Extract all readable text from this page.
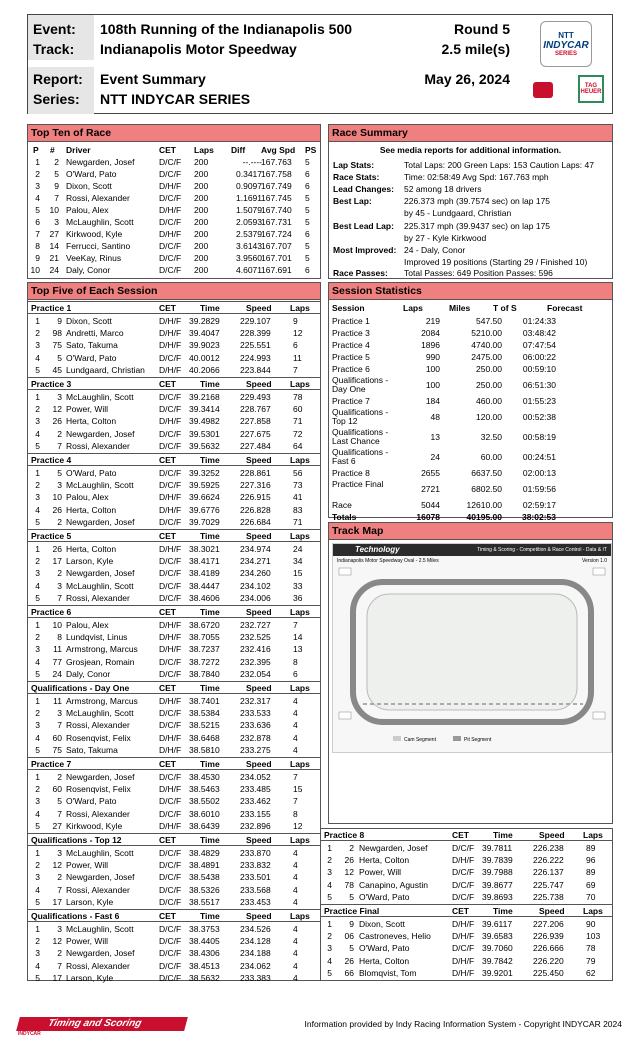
Event:
Track:
Report:
Series:
108th Running of the Indianapolis 500
Indianapolis Motor Speedway
Event Summary
NTT INDYCAR SERIES
Round 5
2.5 mile(s)
May 26, 2024
NTT
INDYCAR
SERIES
TAG HEUER
Top Ten of Race
P # Driver	CET Laps Diff Avg Spd PS
1 2 Newgarden, Josef	D/C/F 200	--.---- 167.763 5
2 5 O'Ward, Pato	D/C/F 200	0.3417 167.758 6
3 9 Dixon, Scott	D/H/F 200	0.9097 167.749 6
4 7 Rossi, Alexander	D/C/F 200	1.1691 167.745 5
5 10 Palou, Alex	D/H/F 200	1.5079 167.740 5
6 3 McLaughlin, Scott	D/C/F 200	2.0593 167.731 5
7 27 Kirkwood, Kyle	D/H/F 200	2.5379 167.724 6
8 14 Ferrucci, Santino	D/C/F 200	3.6143 167.707 5
9 21 VeeKay, Rinus	D/C/F 200	3.9560 167.701 5
10 24 Daly, Conor	D/C/F 200	4.6071 167.691 6
Race Summary
See media reports for additional information.
Lap Stats:	Total Laps: 200 Green Laps: 153 Caution Laps: 47
Race Stats:	Time: 02:58:49 Avg Spd: 167.763 mph
Lead Changes: 52 among 18 drivers
Best Lap:	226.373 mph (39.7574 sec) on lap 175
by 45 - Lundgaard, Christian
Best Lead Lap: 225.317 mph (39.9437 sec) on lap 175
by 27 - Kyle Kirkwood
Most Improved: 24 - Daly, Conor
Improved 19 positions (Starting 29 / Finished 10)
Race Passes: Total Passes: 649 Position Passes: 596
Top Five of Each Session
Practice 1	CET	Time	Speed Laps
1 9 Dixon, Scott	D/H/F 39.2829 229.107	9
2 98 Andretti, Marco	D/H/F 39.4047 228.399	12
3 75 Sato, Takuma	D/H/F 39.9023 225.551	6
4 5 O'Ward, Pato	D/C/F 40.0012 224.993	11
5 45 Lundgaard, Christian D/H/F 40.2066 223.844	7
Practice 3	CET	Time	Speed Laps
1 3 McLaughlin, Scott	D/C/F 39.2168 229.493	78
2 12 Power, Will	D/C/F 39.3414 228.767	60
3 26 Herta, Colton	D/H/F 39.4982 227.858	71
4 2 Newgarden, Josef	D/C/F 39.5301 227.675	72
5 7 Rossi, Alexander	D/C/F 39.5632 227.484	64
Practice 4	CET	Time	Speed Laps
1 5 O'Ward, Pato	D/C/F 39.3252 228.861	56
2 3 McLaughlin, Scott	D/C/F 39.5925 227.316	73
3 10 Palou, Alex	D/H/F 39.6624 226.915	41
4 26 Herta, Colton	D/H/F 39.6776 226.828	83
5 2 Newgarden, Josef	D/C/F 39.7029 226.684	71
Practice 5	CET	Time	Speed Laps
1 26 Herta, Colton	D/H/F 38.3021 234.974	24
2 17 Larson, Kyle	D/C/F 38.4171 234.271	34
3 2 Newgarden, Josef	D/C/F 38.4189 234.260	15
4 3 McLaughlin, Scott	D/C/F 38.4447 234.102	33
5 7 Rossi, Alexander	D/C/F 38.4606 234.006	36
Practice 6	CET	Time	Speed Laps
1 10 Palou, Alex	D/H/F 38.6720 232.727	7
2 8 Lundqvist, Linus	D/H/F 38.7055 232.525	14
3 11 Armstrong, Marcus D/H/F 38.7237 232.416	13
4 77 Grosjean, Romain	D/C/F 38.7272 232.395	8
5 24 Daly, Conor	D/C/F 38.7840 232.054	6
Qualifications - Day One	CET	Time	Speed Laps
1 11 Armstrong, Marcus D/H/F 38.7401 232.317	4
2 3 McLaughlin, Scott	D/C/F 38.5384 233.533	4
3 7 Rossi, Alexander	D/C/F 38.5215 233.636	4
4 60 Rosenqvist, Felix	D/H/F 38.6468 232.878	4
5 75 Sato, Takuma	D/H/F 38.5810 233.275	4
Practice 7	CET	Time	Speed Laps
1 2 Newgarden, Josef	D/C/F 38.4530 234.052	7
2 60 Rosenqvist, Felix	D/H/F 38.5463 233.485	15
3 5 O'Ward, Pato	D/C/F 38.5502 233.462	7
4 7 Rossi, Alexander	D/C/F 38.6010 233.155	8
5 27 Kirkwood, Kyle	D/H/F 38.6439 232.896	12
Qualifications - Top 12	CET	Time	Speed Laps
1 3 McLaughlin, Scott	D/C/F 38.4829 233.870	4
2 12 Power, Will	D/C/F 38.4891 233.832	4
3 2 Newgarden, Josef	D/C/F 38.5438 233.501	4
4 7 Rossi, Alexander	D/C/F 38.5326 233.568	4
5 17 Larson, Kyle	D/C/F 38.5517 233.453	4
Qualifications - Fast 6	CET	Time	Speed Laps
1 3 McLaughlin, Scott	D/C/F 38.3753 234.526	4
2 12 Power, Will	D/C/F 38.4405 234.128	4
3 2 Newgarden, Josef	D/C/F 38.4306 234.188	4
4 7 Rossi, Alexander	D/C/F 38.4513 234.062	4
5 17 Larson, Kyle	D/C/F 38.5632 233.383	4
Session Statistics
Session	Laps	Miles	T of S	Forecast
Practice 1	219	547.50 01:24:33
Practice 3	2084	5210.00 03:48:42
Practice 4	1896	4740.00 07:47:54
Practice 5	990	2475.00 06:00:22
Practice 6	100	250.00 00:59:10
Qualifications - Day One	100	250.00 06:51:30
Practice 7	184	460.00 01:55:23
Qualifications - Top 12	48	120.00 00:52:38
Qualifications - Last Chance	13	32.50 00:58:19
Qualifications - Fast 6	24	60.00 00:24:51
Practice 8	2655	6637.50 02:00:13
Practice Final	2721	6802.50 01:59:56
Race	5044	12610.00 02:59:17
Totals	16078	40195.00 38:02:53
Track Map
Technology	Timing & Scoring - Competition & Race Control - Data & IT
Indianapolis Motor Speedway Oval - 2.5 Miles	Version 1.0
Cam Segment	Pit Segment
Practice 8	CET	Time	Speed Laps
1 2 Newgarden, Josef	D/C/F 39.7811 226.238	89
2 26 Herta, Colton	D/H/F 39.7839 226.222	96
3 12 Power, Will	D/C/F 39.7988 226.137	89
4 78 Canapino, Agustin	D/C/F 39.8677 225.747	69
5 5 O'Ward, Pato	D/C/F 39.8693 225.738	70
Practice Final	CET	Time	Speed Laps
1 9 Dixon, Scott	D/H/F 39.6117 227.206	90
2 06 Castroneves, Helio D/H/F 39.6583 226.939	103
3 5 O'Ward, Pato	D/C/F 39.7060 226.666	78
4 26 Herta, Colton	D/H/F 39.7842 226.220	79
5 66 Blomqvist, Tom	D/H/F 39.9201 225.450	62
Timing and Scoring
INDYCAR
Information provided by Indy Racing Information System - Copyright INDYCAR 2024
